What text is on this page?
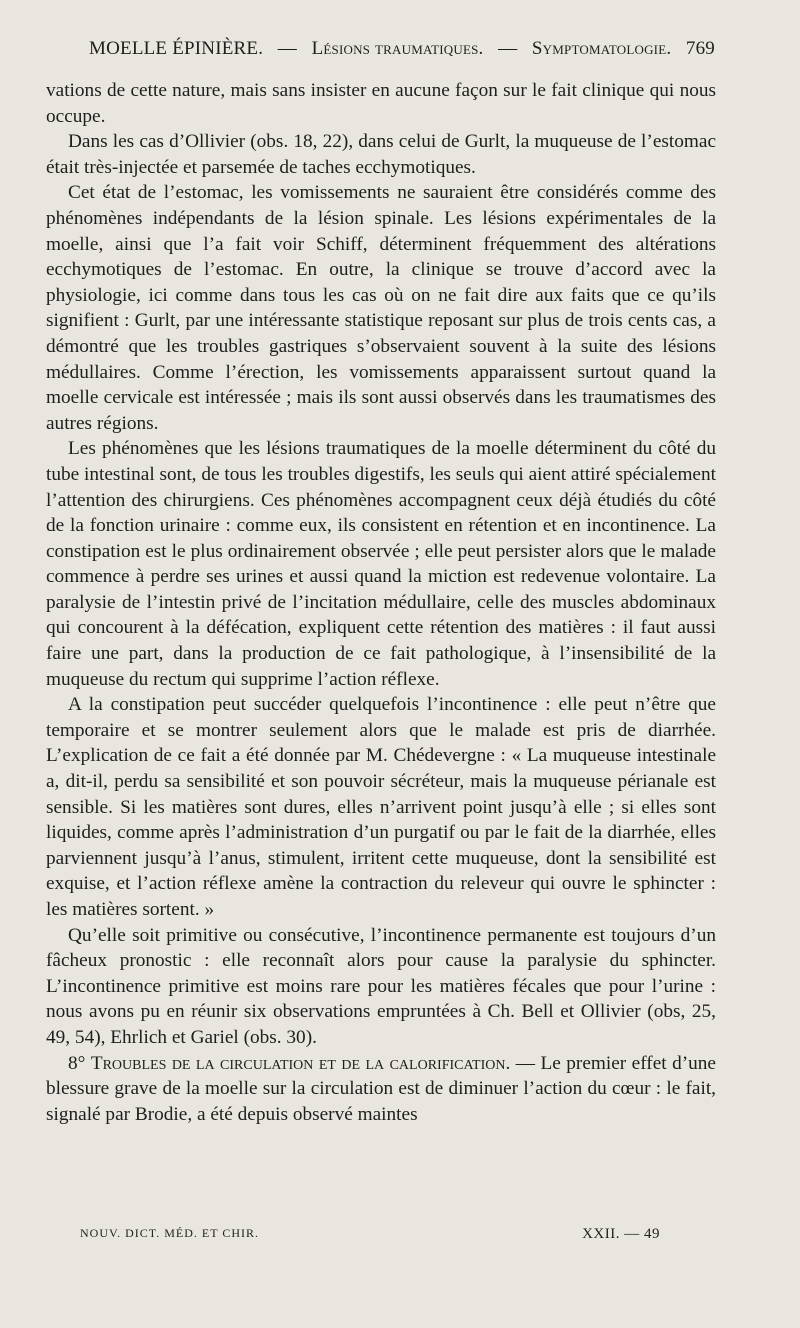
MOELLE ÉPINIÈRE. — Lésions traumatiques. — Symptomatologie. 769

vations de cette nature, mais sans insister en aucune façon sur le fait clinique qui nous occupe.

Dans les cas d’Ollivier (obs. 18, 22), dans celui de Gurlt, la muqueuse de l’estomac était très-injectée et parsemée de taches ecchymotiques.

Cet état de l’estomac, les vomissements ne sauraient être considérés comme des phénomènes indépendants de la lésion spinale. Les lésions expérimentales de la moelle, ainsi que l’a fait voir Schiff, déterminent fréquemment des altérations ecchymotiques de l’estomac. En outre, la clinique se trouve d’accord avec la physiologie, ici comme dans tous les cas où on ne fait dire aux faits que ce qu’ils signifient : Gurlt, par une intéressante statistique reposant sur plus de trois cents cas, a démontré que les troubles gastriques s’observaient souvent à la suite des lésions médullaires. Comme l’érection, les vomissements apparaissent surtout quand la moelle cervicale est intéressée ; mais ils sont aussi observés dans les traumatismes des autres régions.

Les phénomènes que les lésions traumatiques de la moelle déterminent du côté du tube intestinal sont, de tous les troubles digestifs, les seuls qui aient attiré spécialement l’attention des chirurgiens. Ces phénomènes accompagnent ceux déjà étudiés du côté de la fonction urinaire : comme eux, ils consistent en rétention et en incontinence. La constipation est le plus ordinairement observée ; elle peut persister alors que le malade commence à perdre ses urines et aussi quand la miction est redevenue volontaire. La paralysie de l’intestin privé de l’incitation médullaire, celle des muscles abdominaux qui concourent à la défécation, expliquent cette rétention des matières : il faut aussi faire une part, dans la production de ce fait pathologique, à l’insensibilité de la muqueuse du rectum qui supprime l’action réflexe.

A la constipation peut succéder quelquefois l’incontinence : elle peut n’être que temporaire et se montrer seulement alors que le malade est pris de diarrhée. L’explication de ce fait a été donnée par M. Chédevergne : « La muqueuse intestinale a, dit-il, perdu sa sensibilité et son pouvoir sécréteur, mais la muqueuse périanale est sensible. Si les matières sont dures, elles n’arrivent point jusqu’à elle ; si elles sont liquides, comme après l’administration d’un purgatif ou par le fait de la diarrhée, elles parviennent jusqu’à l’anus, stimulent, irritent cette muqueuse, dont la sensibilité est exquise, et l’action réflexe amène la contraction du releveur qui ouvre le sphincter : les matières sortent. »

Qu’elle soit primitive ou consécutive, l’incontinence permanente est toujours d’un fâcheux pronostic : elle reconnaît alors pour cause la paralysie du sphincter. L’incontinence primitive est moins rare pour les matières fécales que pour l’urine : nous avons pu en réunir six observations empruntées à Ch. Bell et Ollivier (obs, 25, 49, 54), Ehrlich et Gariel (obs. 30).

8° Troubles de la circulation et de la calorification. — Le premier effet d’une blessure grave de la moelle sur la circulation est de diminuer l’action du cœur : le fait, signalé par Brodie, a été depuis observé maintes

NOUV. DICT. MÉD. ET CHIR.	XXII. — 49
